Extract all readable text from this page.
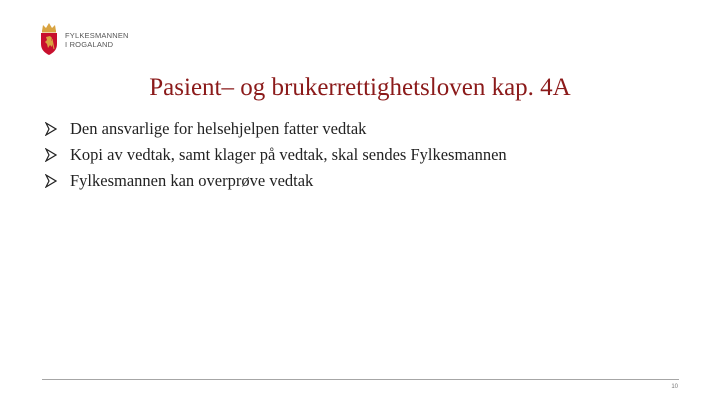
FYLKESMANNEN
I ROGALAND
Pasient– og brukerrettighetsloven kap. 4A
Den ansvarlige for helsehjelpen fatter vedtak
Kopi av vedtak, samt klager på vedtak, skal sendes Fylkesmannen
Fylkesmannen kan overprøve vedtak
10
